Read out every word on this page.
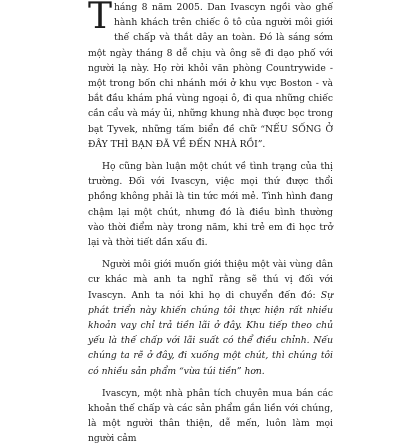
Tháng 8 năm 2005. Dan Ivascyn ngồi vào ghế hành khách trên chiếc ô tô của người môi giới thế chấp và thắt dây an toàn. Đó là sáng sớm một ngày tháng 8 dễ chịu và ông sẽ đi dạo phố với người lạ này. Họ rời khỏi văn phòng Countrywide - một trong bốn chi nhánh mới ở khu vực Boston - và bắt đầu khám phá vùng ngoại ô, đi qua những chiếc cần cẩu và máy ủi, những khung nhà được bọc trong bạt Tyvek, những tấm biển đề chữ “NẾU SỐNG Ở ĐÂY THÌ BẠN ĐÃ VỀ ĐẾN NHÀ RỒI”.

Họ cũng bàn luận một chút về tình trạng của thị trường. Đối với Ivascyn, việc mọi thứ được thổi phồng không phải là tin tức mới mẻ. Tình hình đang chậm lại một chút, nhưng đó là điều bình thường vào thời điểm này trong năm, khi trẻ em đi học trở lại và thời tiết dần xấu đi.

Người môi giới muốn giới thiệu một vài vùng dân cư khác mà anh ta nghĩ rằng sẽ thú vị đối với Ivascyn. Anh ta nói khi họ di chuyển đến đó: Sự phát triển này khiến chúng tôi thực hiện rất nhiều khoản vay chỉ trả tiền lãi ở đây. Khu tiếp theo chủ yếu là thế chấp với lãi suất có thể điều chỉnh. Nếu chúng ta rẽ ở đây, đi xuống một chút, thì chúng tôi có nhiều sản phẩm “vừa túi tiền” hơn.

Ivascyn, một nhà phân tích chuyên mua bán các khoản thế chấp và các sản phẩm gắn liền với chúng, là một người thân thiện, dễ mến, luôn làm mọi người cảm
